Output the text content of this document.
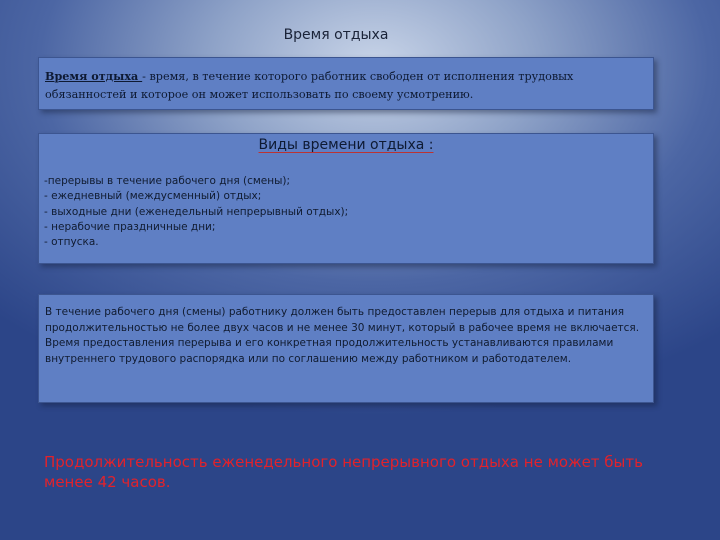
Время отдыха

Время отдыха - время, в течение которого работник свободен от исполнения трудовых обязанностей и которое он может использовать по своему усмотрению.

Виды времени отдыха :

-перерывы в течение рабочего дня (смены);
- ежедневный (междусменный) отдых;
- выходные дни (еженедельный непрерывный отдых);
- нерабочие праздничные дни;
- отпуска.

В течение рабочего дня (смены) работнику должен быть предоставлен перерыв для отдыха и питания продолжительностью не более двух часов и не менее 30 минут, который в рабочее время не включается.

Время предоставления перерыва и его конкретная продолжительность устанавливаются правилами внутреннего трудового распорядка или по соглашению между работником и работодателем.

Продолжительность еженедельного непрерывного отдыха не может быть менее 42 часов.
